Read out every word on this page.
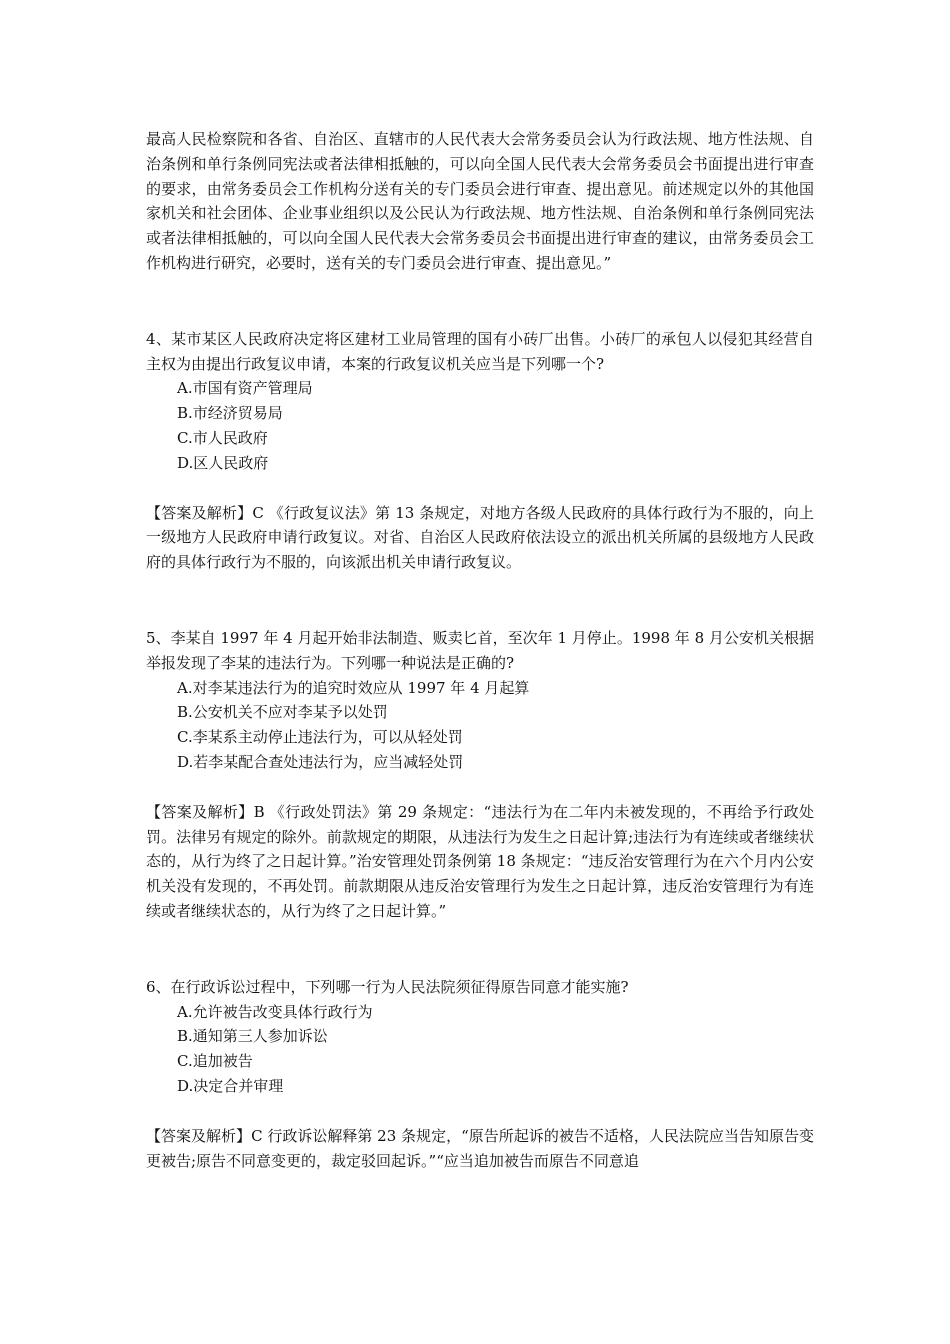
最高人民检察院和各省、自治区、直辖市的人民代表大会常务委员会认为行政法规、地方性法规、自治条例和单行条例同宪法或者法律相抵触的，可以向全国人民代表大会常务委员会书面提出进行审查的要求，由常务委员会工作机构分送有关的专门委员会进行审查、提出意见。前述规定以外的其他国家机关和社会团体、企业事业组织以及公民认为行政法规、地方性法规、自治条例和单行条例同宪法或者法律相抵触的，可以向全国人民代表大会常务委员会书面提出进行审查的建议，由常务委员会工作机构进行研究，必要时，送有关的专门委员会进行审查、提出意见。”

4、某市某区人民政府决定将区建材工业局管理的国有小砖厂出售。小砖厂的承包人以侵犯其经营自主权为由提出行政复议申请，本案的行政复议机关应当是下列哪一个?

A.市国有资产管理局
B.市经济贸易局
C.市人民政府
D.区人民政府

【答案及解析】C 《行政复议法》第 13 条规定，对地方各级人民政府的具体行政行为不服的，向上一级地方人民政府申请行政复议。对省、自治区人民政府依法设立的派出机关所属的县级地方人民政府的具体行政行为不服的，向该派出机关申请行政复议。

5、李某自 1997 年 4 月起开始非法制造、贩卖匕首，至次年 1 月停止。1998 年 8 月公安机关根据举报发现了李某的违法行为。下列哪一种说法是正确的?

A.对李某违法行为的追究时效应从 1997 年 4 月起算
B.公安机关不应对李某予以处罚
C.李某系主动停止违法行为，可以从轻处罚
D.若李某配合查处违法行为，应当减轻处罚

【答案及解析】B 《行政处罚法》第 29 条规定：“违法行为在二年内未被发现的，不再给予行政处罚。法律另有规定的除外。前款规定的期限，从违法行为发生之日起计算;违法行为有连续或者继续状态的，从行为终了之日起计算。”治安管理处罚条例第 18 条规定：“违反治安管理行为在六个月内公安机关没有发现的，不再处罚。前款期限从违反治安管理行为发生之日起计算，违反治安管理行为有连续或者继续状态的，从行为终了之日起计算。”

6、在行政诉讼过程中，下列哪一行为人民法院须征得原告同意才能实施?

A.允许被告改变具体行政行为
B.通知第三人参加诉讼
C.追加被告
D.决定合并审理

【答案及解析】C 行政诉讼解释第 23 条规定，“原告所起诉的被告不适格，人民法院应当告知原告变更被告;原告不同意变更的，裁定驳回起诉。”“应当追加被告而原告不同意追
